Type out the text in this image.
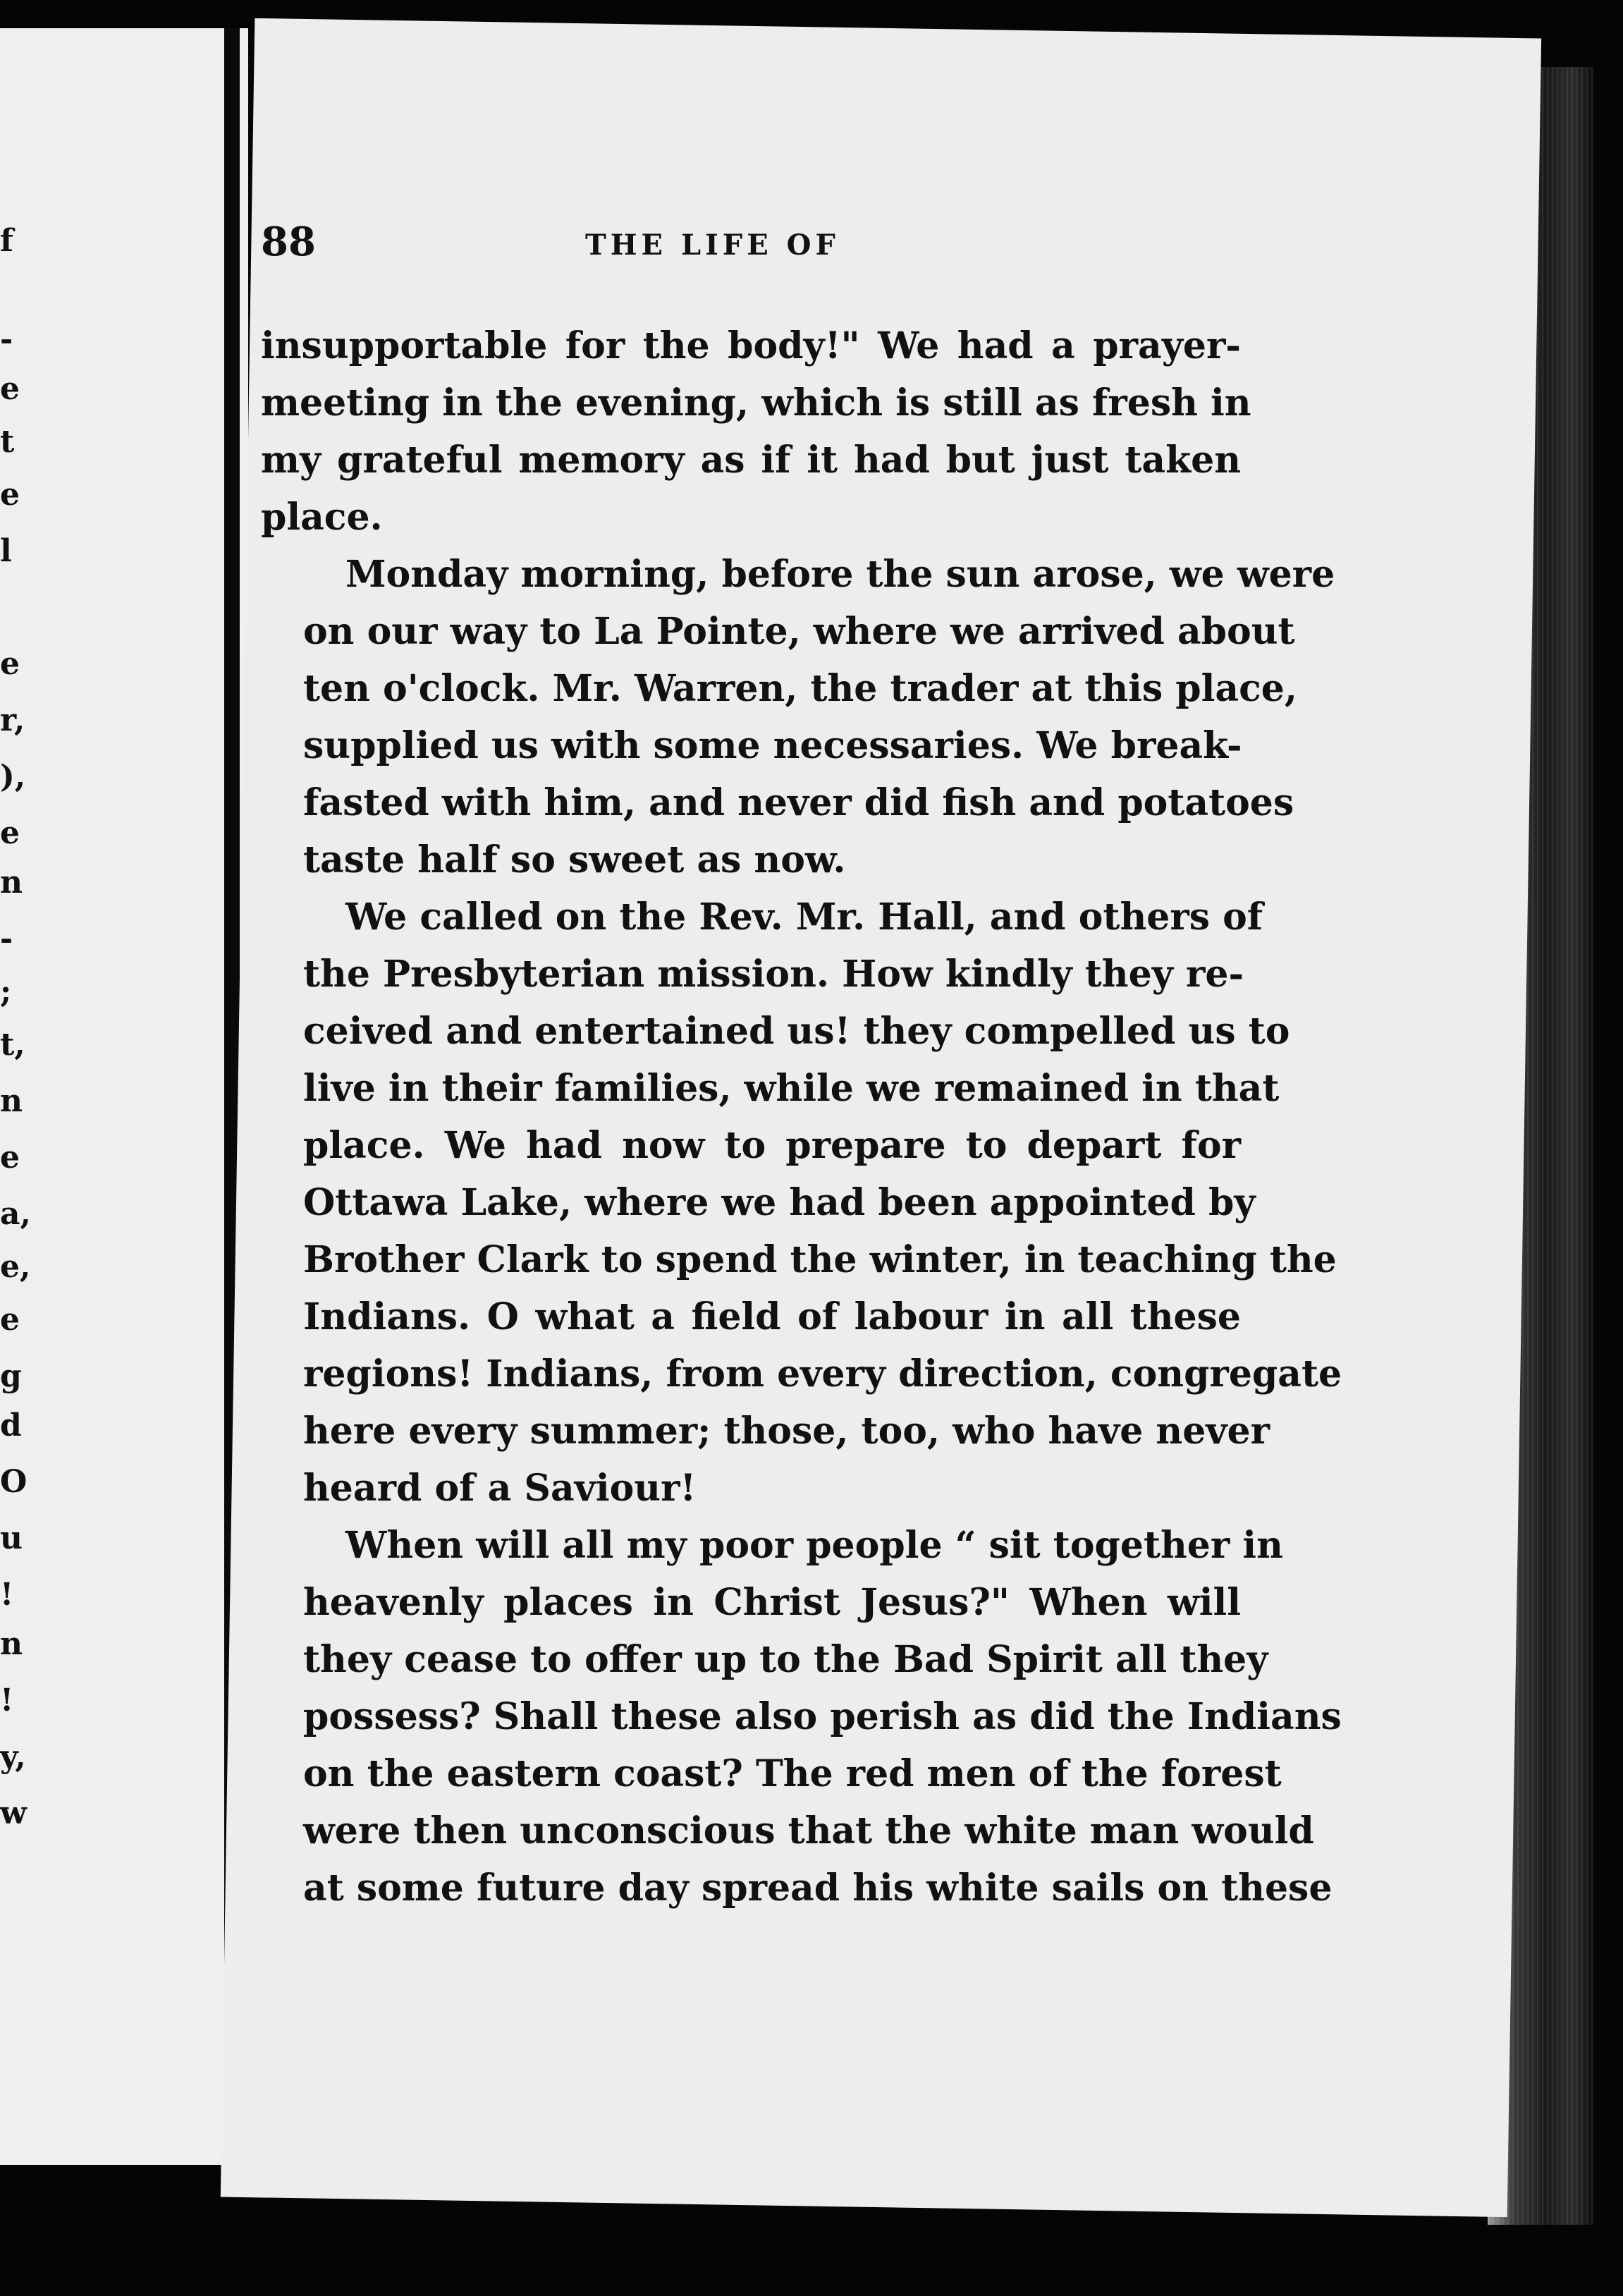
f
-
e
t
e
l
e
r,
),
e
n
-
;
t,
n
e
a,
e,
e
g
d
O
u
!
n
!
y,
w
88	THE LIFE OF

insupportable for the body!" We had a prayer-
meeting in the evening, which is still as fresh in
my grateful memory as if it had but just taken
place.

Monday morning, before the sun arose, we were
on our way to La Pointe, where we arrived about
ten o'clock. Mr. Warren, the trader at this place,
supplied us with some necessaries. We break-
fasted with him, and never did fish and potatoes
taste half so sweet as now.

We called on the Rev. Mr. Hall, and others of
the Presbyterian mission. How kindly they re-
ceived and entertained us! they compelled us to
live in their families, while we remained in that
place. We had now to prepare to depart for
Ottawa Lake, where we had been appointed by
Brother Clark to spend the winter, in teaching the
Indians. O what a field of labour in all these
regions! Indians, from every direction, congregate
here every summer; those, too, who have never
heard of a Saviour!

When will all my poor people “ sit together in
heavenly places in Christ Jesus?" When will
they cease to offer up to the Bad Spirit all they
possess? Shall these also perish as did the Indians
on the eastern coast? The red men of the forest
were then unconscious that the white man would
at some future day spread his white sails on these
